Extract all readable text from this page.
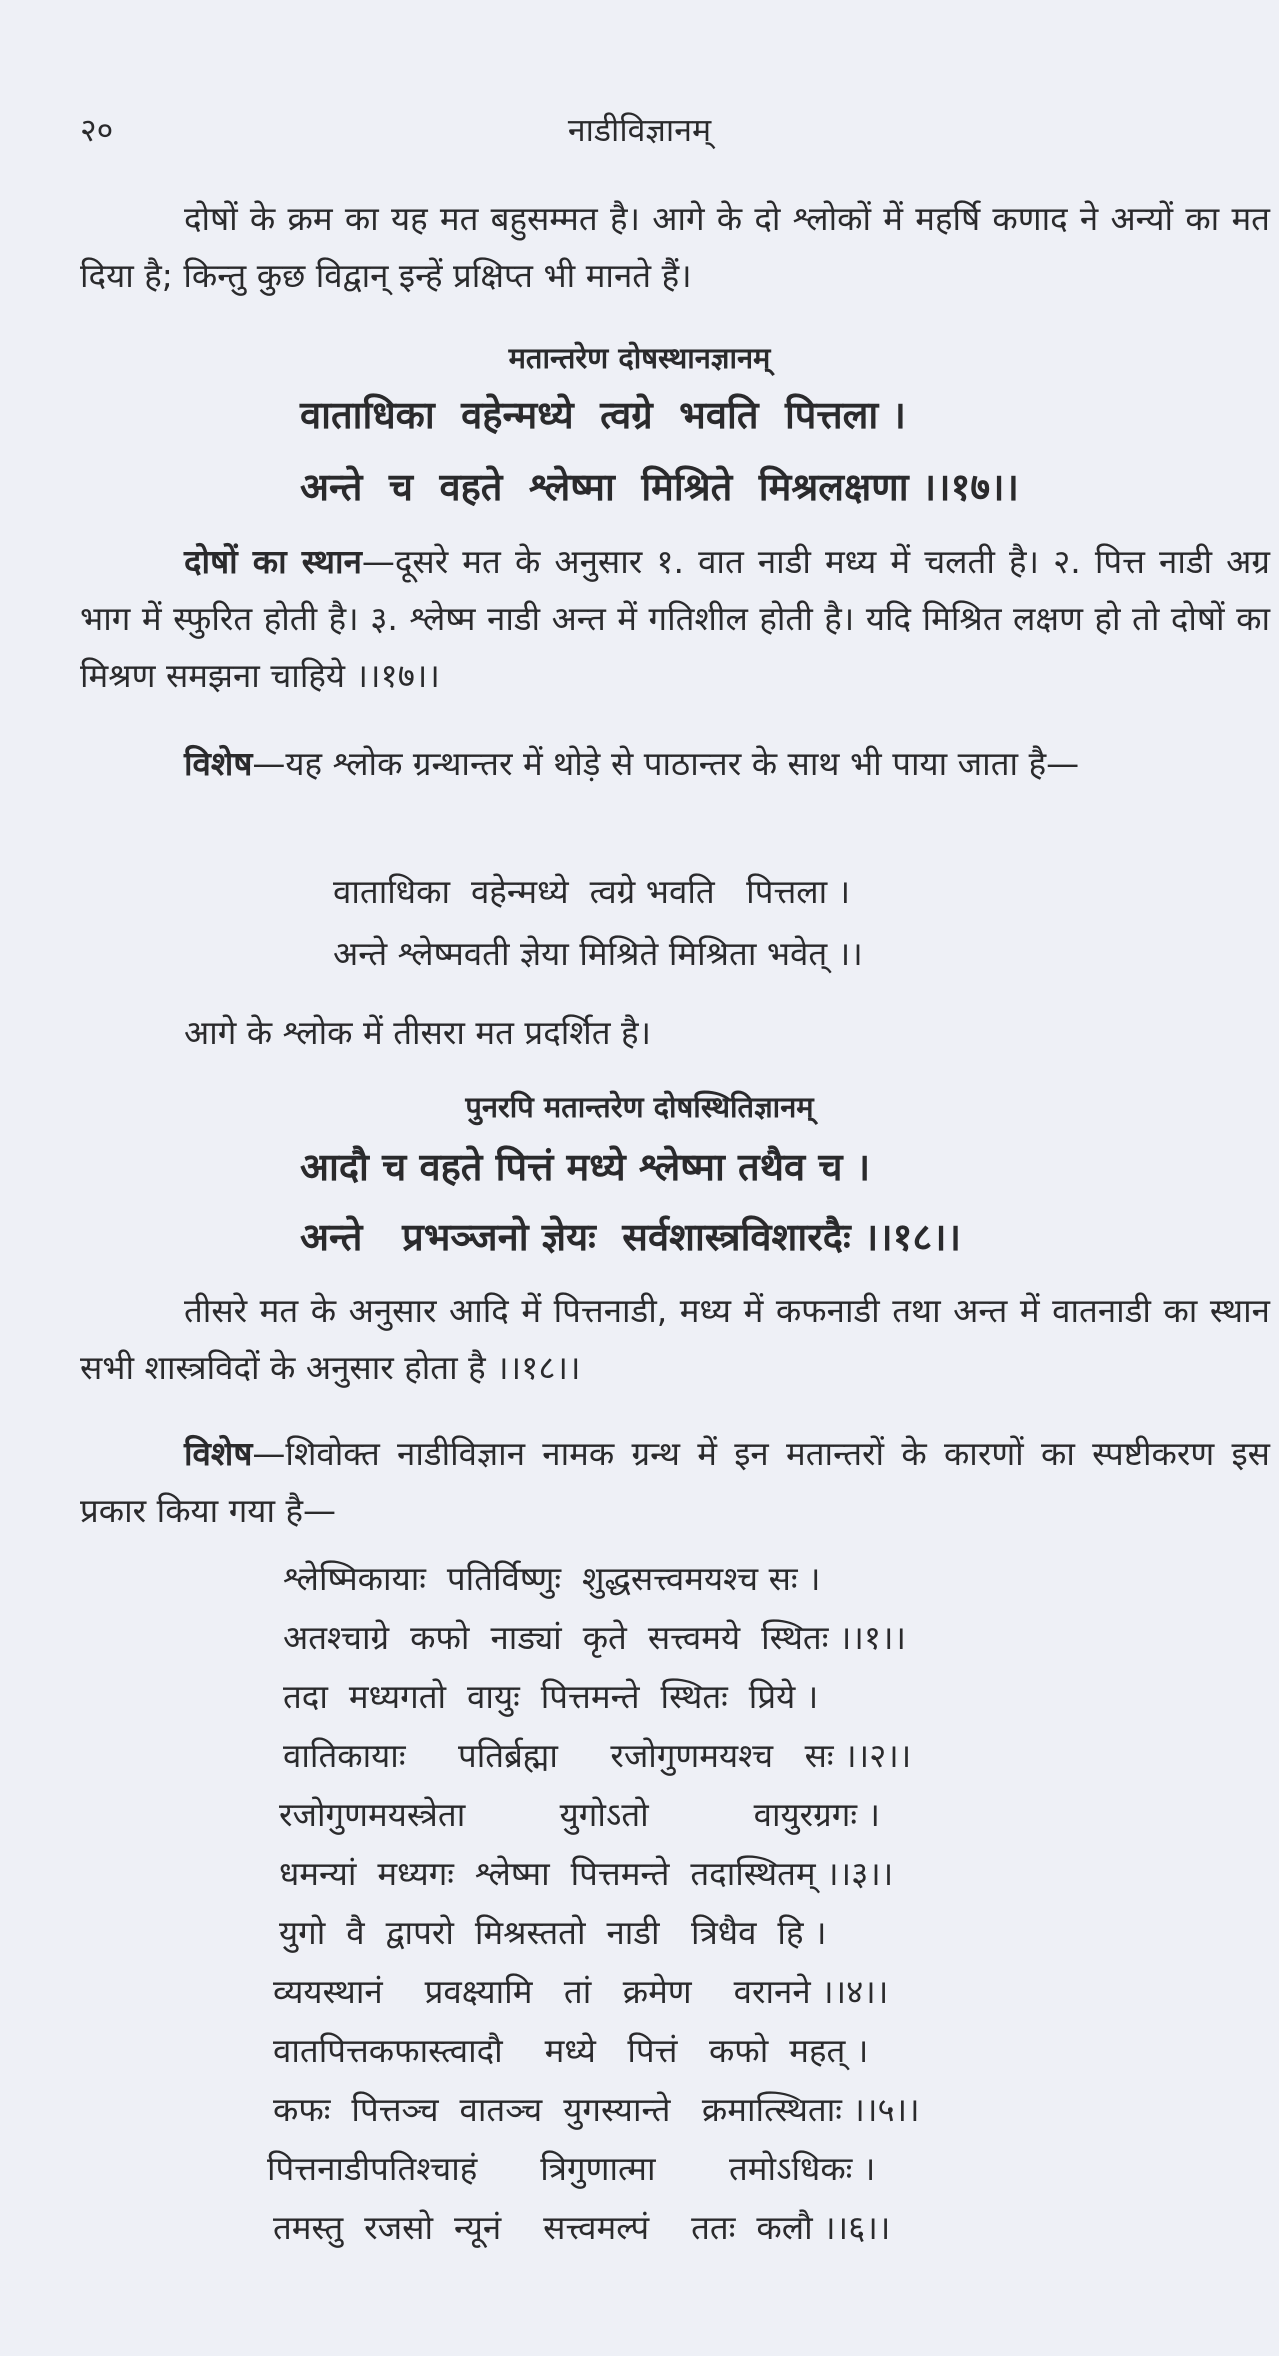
२०	नाडीविज्ञानम्
दोषों के क्रम का यह मत बहुसम्मत है। आगे के दो श्लोकों में महर्षि कणाद ने अन्यों का मत दिया है; किन्तु कुछ विद्वान् इन्हें प्रक्षिप्त भी मानते हैं।
मतान्तरेण दोषस्थानज्ञानम्
वाताधिका  वहेन्मध्ये  त्वग्रे  भवति  पित्तला ।
अन्ते  च  वहते  श्लेष्मा  मिश्रिते  मिश्रलक्षणा ।।१७।।
दोषों का स्थान—दूसरे मत के अनुसार १. वात नाडी मध्य में चलती है। २. पित्त नाडी अग्र भाग में स्फुरित होती है। ३. श्लेष्म नाडी अन्त में गतिशील होती है। यदि मिश्रित लक्षण हो तो दोषों का मिश्रण समझना चाहिये ।।१७।।
विशेष—यह श्लोक ग्रन्थान्तर में थोड़े से पाठान्तर के साथ भी पाया जाता है—
वाताधिका  वहेन्मध्ये  त्वग्रे भवति   पित्तला ।
अन्ते श्लेष्मवती ज्ञेया मिश्रिते मिश्रिता भवेत् ।।
आगे के श्लोक में तीसरा मत प्रदर्शित है।
पुनरपि मतान्तरेण दोषस्थितिज्ञानम्
आदौ च वहते पित्तं मध्ये श्लेष्मा तथैव च ।
अन्ते   प्रभञ्जनो ज्ञेयः  सर्वशास्त्रविशारदैः ।।१८।।
तीसरे मत के अनुसार आदि में पित्तनाडी, मध्य में कफनाडी तथा अन्त में वातनाडी का स्थान सभी शास्त्रविदों के अनुसार होता है ।।१८।।
विशेष—शिवोक्त नाडीविज्ञान नामक ग्रन्थ में इन मतान्तरों के कारणों का स्पष्टीकरण इस प्रकार किया गया है—
श्लेष्मिकायाः  पतिर्विष्णुः  शुद्धसत्त्वमयश्च सः ।
अतश्चाग्रे  कफो  नाड्यां  कृते  सत्त्वमये  स्थितः ।।१।।
तदा  मध्यगतो  वायुः  पित्तमन्ते  स्थितः  प्रिये ।
वातिकायाः     पतिर्ब्रह्मा     रजोगुणमयश्च   सः ।।२।।
रजोगुणमयस्त्रेता         युगोऽतो          वायुरग्रगः ।
धमन्यां  मध्यगः  श्लेष्मा  पित्तमन्ते  तदास्थितम् ।।३।।
युगो  वै  द्वापरो  मिश्रस्ततो  नाडी   त्रिधैव  हि ।
व्ययस्थानं    प्रवक्ष्यामि   तां   क्रमेण    वरानने ।।४।।
वातपित्तकफास्त्वादौ    मध्ये   पित्तं   कफो  महत् ।
कफः  पित्तञ्च  वातञ्च  युगस्यान्ते   क्रमात्स्थिताः ।।५।।
पित्तनाडीपतिश्चाहं      त्रिगुणात्मा       तमोऽधिकः ।
तमस्तु  रजसो  न्यूनं    सत्त्वमल्पं    ततः  कलौ ।।६।।
